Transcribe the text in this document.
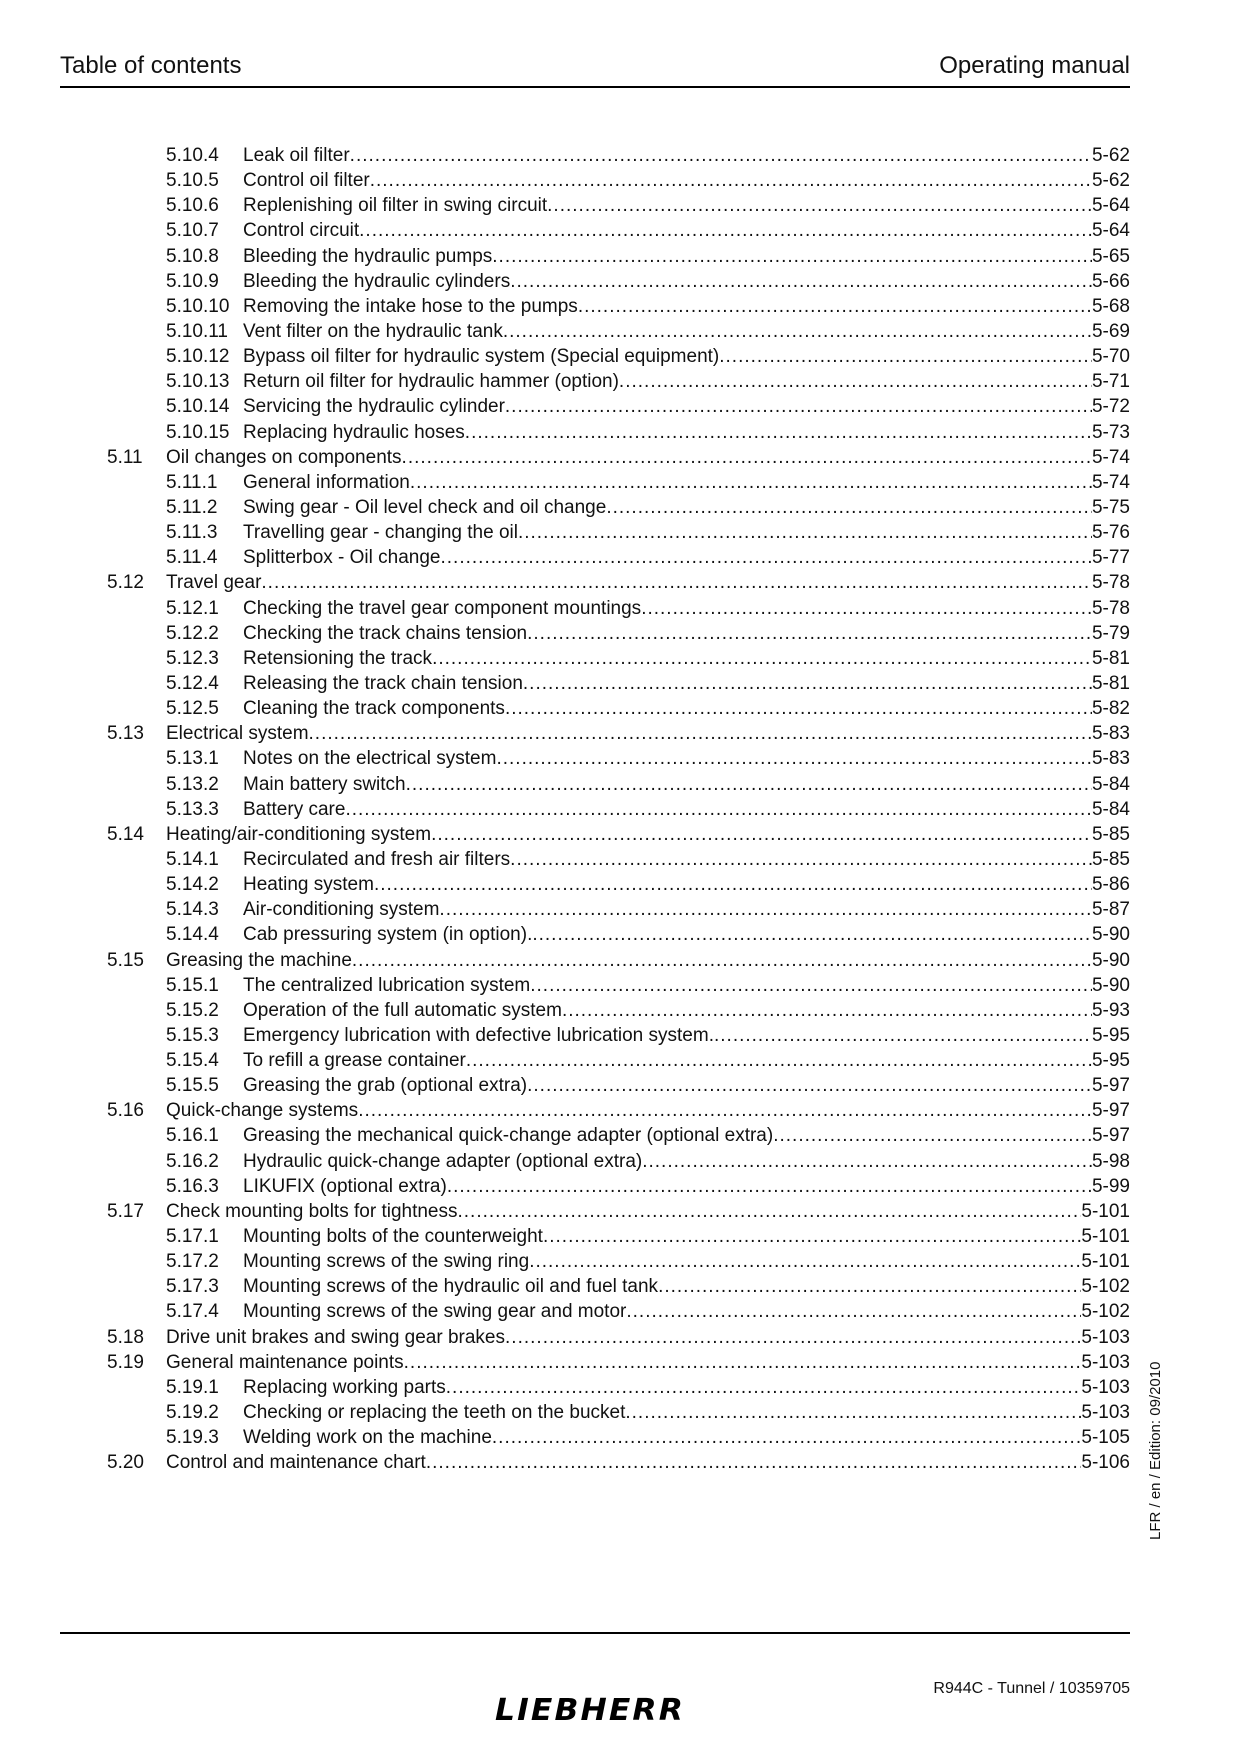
Table of contents	Operating manual
5.10.4 Leak oil filter .....	5-62
5.10.5 Control oil filter .....	5-62
5.10.6 Replenishing oil filter in swing circuit .....	5-64
5.10.7 Control circuit .....	5-64
5.10.8 Bleeding the hydraulic pumps .....	5-65
5.10.9 Bleeding the hydraulic cylinders .....	5-66
5.10.10 Removing the intake hose to the pumps .....	5-68
5.10.11 Vent filter on the hydraulic tank .....	5-69
5.10.12 Bypass oil filter for hydraulic system (Special equipment) .....	5-70
5.10.13 Return oil filter for hydraulic hammer (option) .....	5-71
5.10.14 Servicing the hydraulic cylinder .....	5-72
5.10.15 Replacing hydraulic hoses .....	5-73
5.11 Oil changes on components .....	5-74
5.11.1 General information .....	5-74
5.11.2 Swing gear - Oil level check and oil change .....	5-75
5.11.3 Travelling gear - changing the oil .....	5-76
5.11.4 Splitterbox - Oil change .....	5-77
5.12 Travel gear .....	5-78
5.12.1 Checking the travel gear component mountings .....	5-78
5.12.2 Checking the track chains tension .....	5-79
5.12.3 Retensioning the track .....	5-81
5.12.4 Releasing the track chain tension .....	5-81
5.12.5 Cleaning the track components .....	5-82
5.13 Electrical system .....	5-83
5.13.1 Notes on the electrical system .....	5-83
5.13.2 Main battery switch .....	5-84
5.13.3 Battery care .....	5-84
5.14 Heating/air-conditioning system .....	5-85
5.14.1 Recirculated and fresh air filters .....	5-85
5.14.2 Heating system .....	5-86
5.14.3 Air-conditioning system .....	5-87
5.14.4 Cab pressuring system (in option). .....	5-90
5.15 Greasing the machine .....	5-90
5.15.1 The centralized lubrication system .....	5-90
5.15.2 Operation of the full automatic system .....	5-93
5.15.3 Emergency lubrication with defective lubrication system. .....	5-95
5.15.4 To refill a grease container .....	5-95
5.15.5 Greasing the grab (optional extra) .....	5-97
5.16 Quick-change systems .....	5-97
5.16.1 Greasing the mechanical quick-change adapter (optional extra) .....	5-97
5.16.2 Hydraulic quick-change adapter (optional extra) .....	5-98
5.16.3 LIKUFIX (optional extra) .....	5-99
5.17 Check mounting bolts for tightness .....	5-101
5.17.1 Mounting bolts of the counterweight .....	5-101
5.17.2 Mounting screws of the swing ring .....	5-101
5.17.3 Mounting screws of the hydraulic oil and fuel tank .....	5-102
5.17.4 Mounting screws of the swing gear and motor .....	5-102
5.18 Drive unit brakes and swing gear brakes .....	5-103
5.19 General maintenance points .....	5-103
5.19.1 Replacing working parts .....	5-103
5.19.2 Checking or replacing the teeth on the bucket .....	5-103
5.19.3 Welding work on the machine .....	5-105
5.20 Control and maintenance chart .....	5-106 LFR / en / Edition: 09/2010
R944C - Tunnel / 10359705
LIEBHERR
